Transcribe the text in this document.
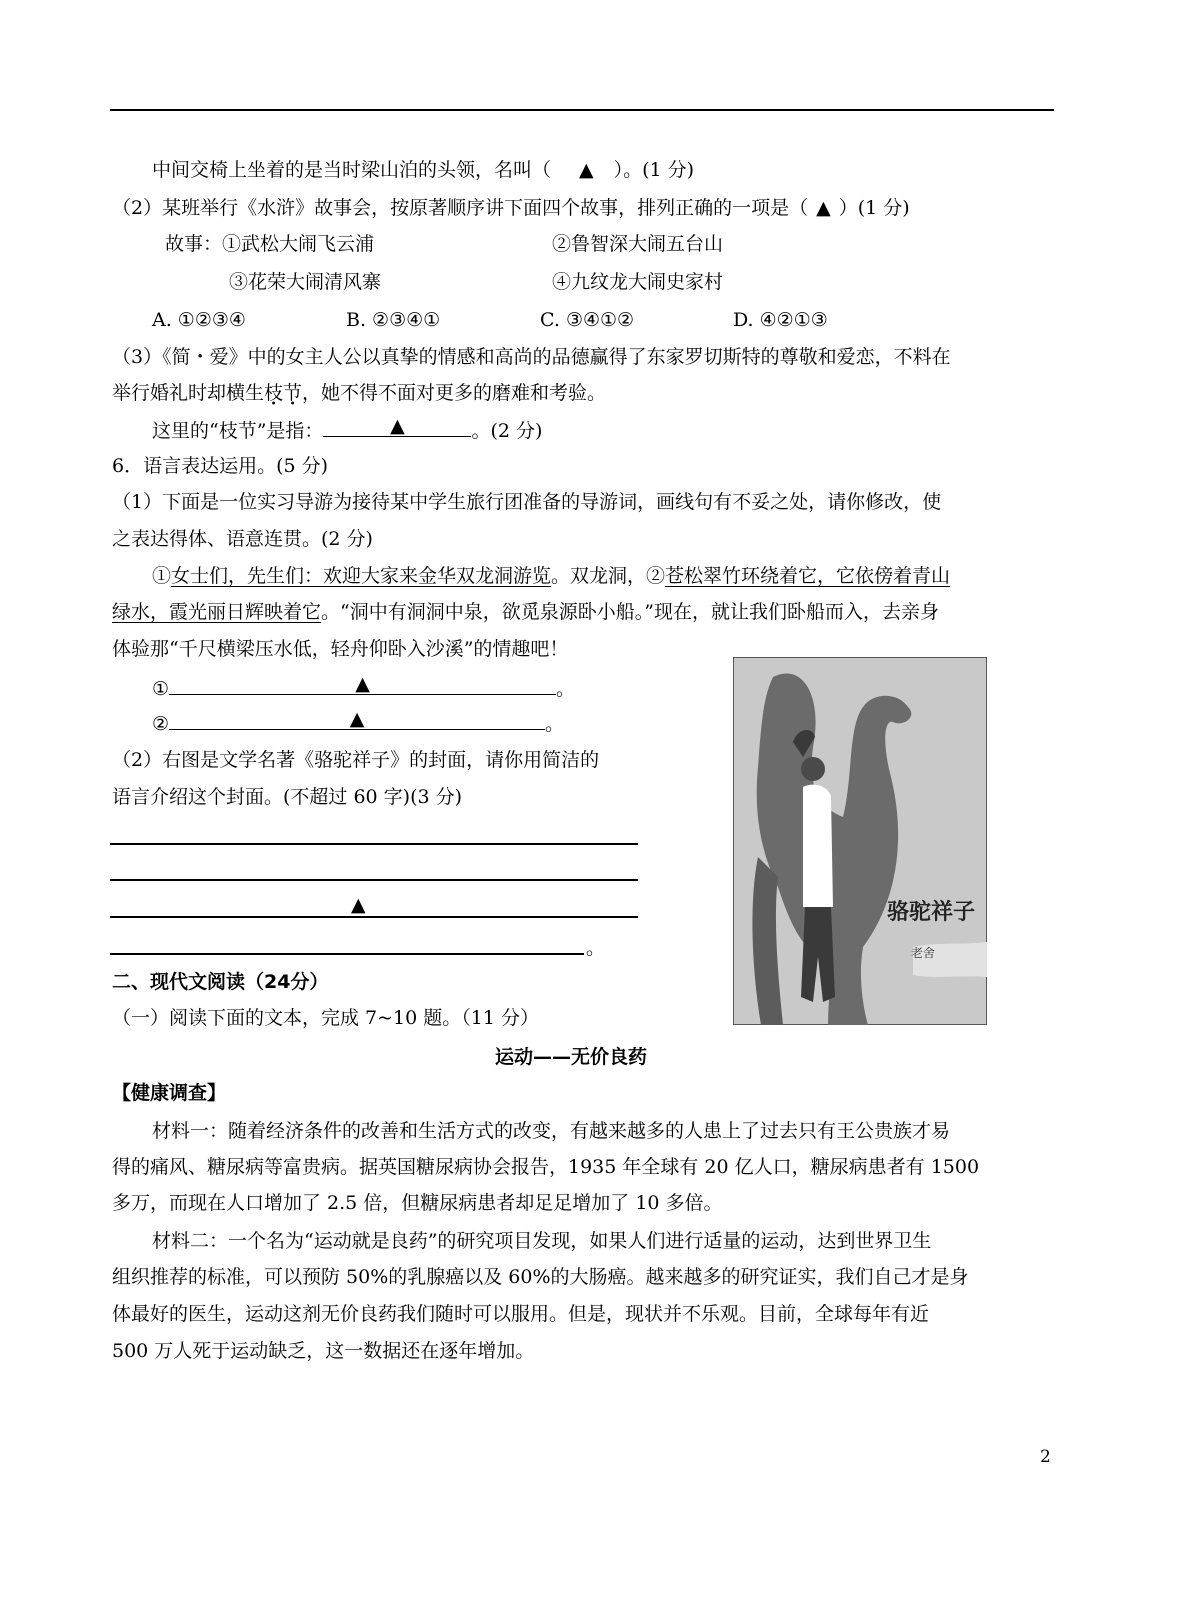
中间交椅上坐着的是当时梁山泊的头领，名叫（ ▲ ）。(1 分)
（2）某班举行《水浒》故事会，按原著顺序讲下面四个故事，排列正确的一项是（ ▲ ）(1 分)
故事：①武松大闹飞云浦	②鲁智深大闹五台山
③花荣大闹清风寨	④九纹龙大闹史家村
A. ①②③④	B. ②③④①	C. ③④①②	D. ④②①③
（3）《简・爱》中的女主人公以真挚的情感和高尚的品德赢得了东家罗切斯特的尊敬和爱恋，不料在
举行婚礼时却横生枝节，她不得不面对更多的磨难和考验。
这里的“枝节”是指：	▲	。(2 分)
6．语言表达运用。(5 分)
（1）下面是一位实习导游为接待某中学生旅行团准备的导游词，画线句有不妥之处，请你修改，使
之表达得体、语意连贯。(2 分)
①女士们，先生们：欢迎大家来金华双龙洞游览。双龙洞，②苍松翠竹环绕着它，它依傍着青山
绿水，霞光丽日辉映着它。“洞中有洞洞中泉，欲觅泉源卧小船。”现在，就让我们卧船而入，去亲身
体验那“千尺横梁压水低，轻舟仰卧入沙溪”的情趣吧！
①	▲	。
②	▲	。
（2）右图是文学名著《骆驼祥子》的封面，请你用简洁的
语言介绍这个封面。(不超过 60 字)(3 分)
▲
。
骆驼祥子
老舍
二、现代文阅读（24分）
（一）阅读下面的文本，完成 7~10 题。（11 分）
运动——无价良药
【健康调查】
材料一：随着经济条件的改善和生活方式的改变，有越来越多的人患上了过去只有王公贵族才易
得的痛风、糖尿病等富贵病。据英国糖尿病协会报告，1935 年全球有 20 亿人口，糖尿病患者有 1500
多万，而现在人口增加了 2.5 倍，但糖尿病患者却足足增加了 10 多倍。
材料二：一个名为“运动就是良药”的研究项目发现，如果人们进行适量的运动，达到世界卫生
组织推荐的标准，可以预防 50%的乳腺癌以及 60%的大肠癌。越来越多的研究证实，我们自己才是身
体最好的医生，运动这剂无价良药我们随时可以服用。但是，现状并不乐观。目前，全球每年有近
500 万人死于运动缺乏，这一数据还在逐年增加。
2
